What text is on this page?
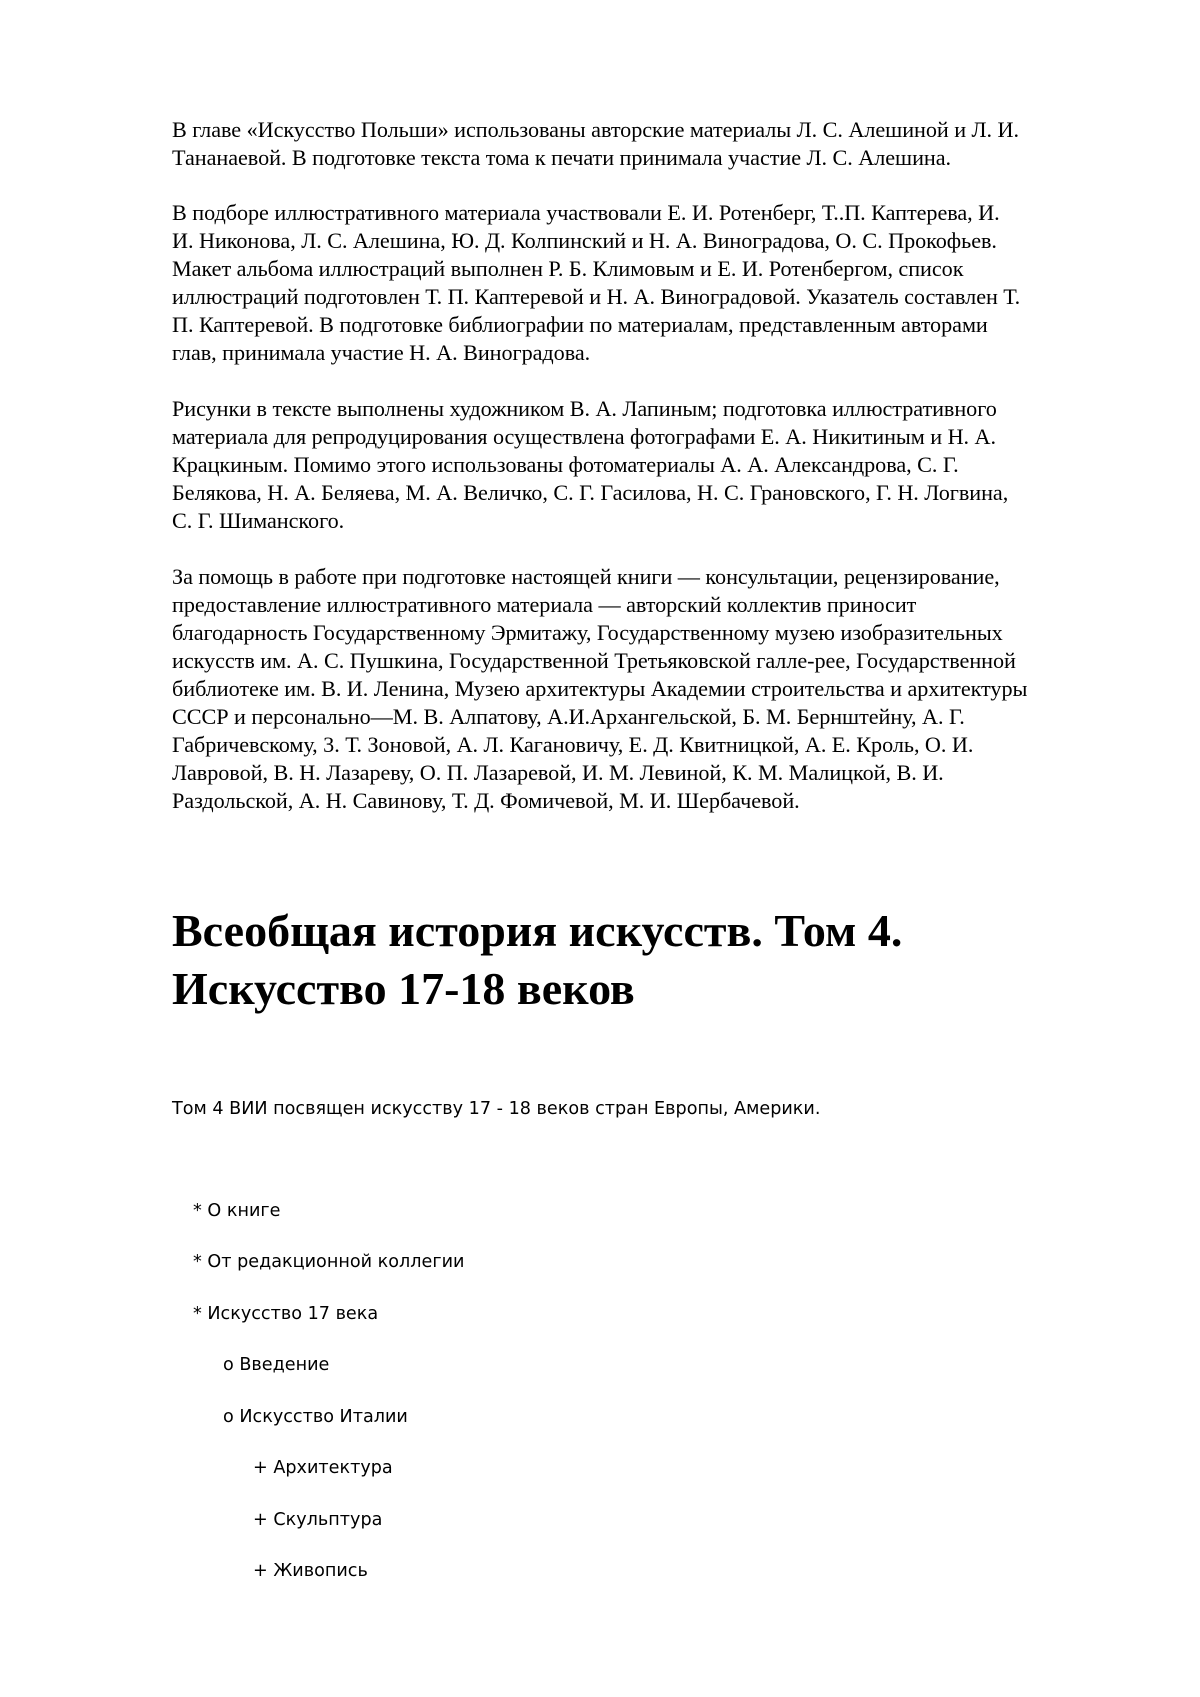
В главе «Искусство Польши» использованы авторские материалы Л. С. Алешиной и Л. И.
Тананаевой. В подготовке текста тома к печати принимала участие Л. С. Алешина.

В подборе иллюстративного материала участвовали Е. И. Ротенберг, Т..П. Каптерева, И.
И. Никонова, Л. С. Алешина, Ю. Д. Колпинский и Н. А. Виноградова, О. С. Прокофьев.
Макет альбома иллюстраций выполнен Р. Б. Климовым и Е. И. Ротенбергом, список
иллюстраций подготовлен Т. П. Каптеревой и Н. А. Виноградовой. Указатель составлен Т.
П. Каптеревой. В подготовке библиографии по материалам, представленным авторами
глав, принимала участие Н. А. Виноградова.

Рисунки в тексте выполнены художником В. А. Лапиным; подготовка иллюстративного
материала для репродуцирования осуществлена фотографами Е. А. Никитиным и Н. А.
Крацкиным. Помимо этого использованы фотоматериалы А. А. Александрова, С. Г.
Белякова, Н. А. Беляева, М. А. Величко, С. Г. Гасилова, Н. С. Грановского, Г. Н. Логвина,
С. Г. Шиманского.

За помощь в работе при подготовке настоящей книги — консультации, рецензирование,
предоставление иллюстративного материала — авторский коллектив приносит
благодарность Государственному Эрмитажу, Государственному музею изобразительных
искусств им. А. С. Пушкина, Государственной Третьяковской галле-рее, Государственной
библиотеке им. В. И. Ленина, Музею архитектуры Академии строительства и архитектуры
СССР и персонально—М. В. Алпатову, А.И.Архангельской, Б. М. Бернштейну, А. Г.
Габричевскому, 3. Т. Зоновой, А. Л. Кагановичу, Е. Д. Квитницкой, А. Е. Кроль, О. И.
Лавровой, В. Н. Лазареву, О. П. Лазаревой, И. М. Левиной, К. М. Малицкой, В. И.
Раздольской, А. Н. Савинову, Т. Д. Фомичевой, М. И. Шербачевой.

Всеобщая история искусств. Том 4.
Искусство 17-18 веков

Том 4 ВИИ посвящен искусству 17 - 18 веков стран Европы, Америки.

* О книге
* От редакционной коллегии
* Искусство 17 века
o Введение
o Искусство Италии
+ Архитектура
+ Скульптура
+ Живопись
